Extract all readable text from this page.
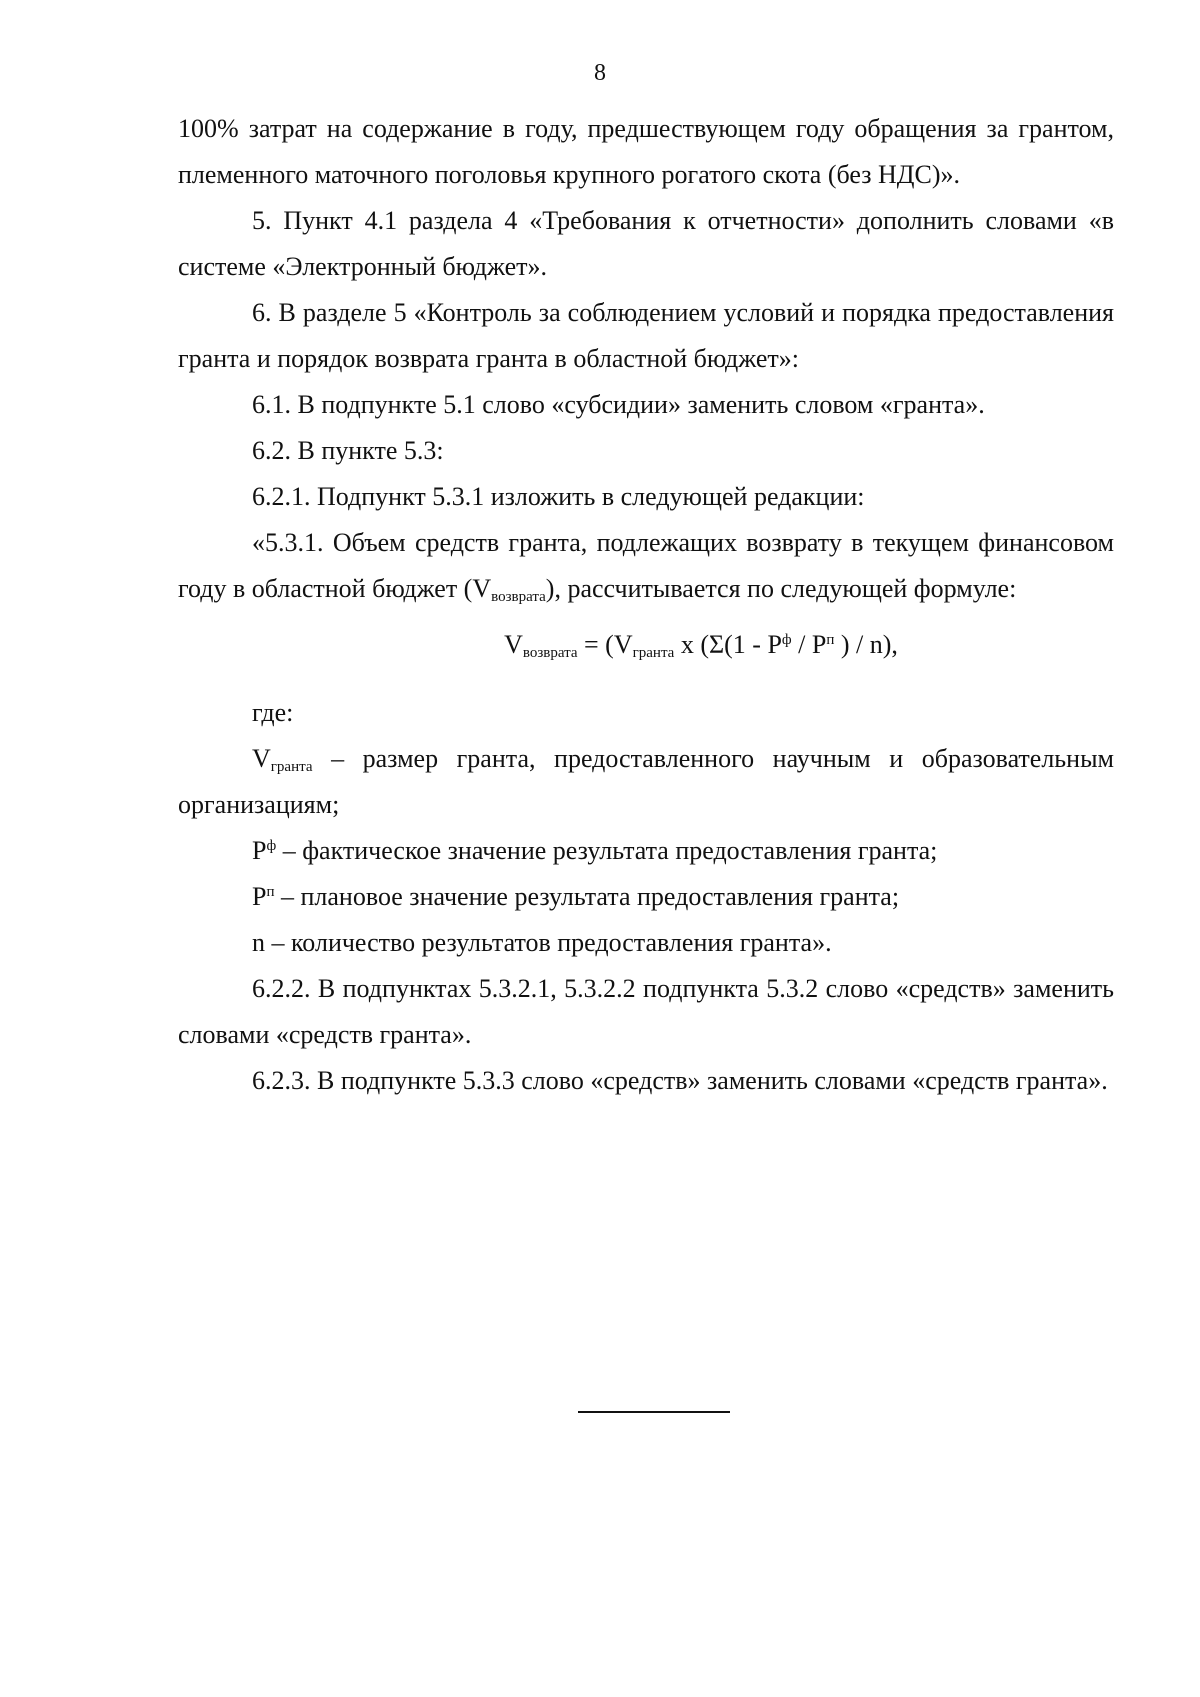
8

100% затрат на содержание в году, предшествующем году обращения за грантом, племенного маточного поголовья крупного рогатого скота (без НДС)».

5. Пункт 4.1 раздела 4 «Требования к отчетности» дополнить словами «в системе «Электронный бюджет».

6. В разделе 5 «Контроль за соблюдением условий и порядка предоставления гранта и порядок возврата гранта в областной бюджет»:

6.1. В подпункте 5.1 слово «субсидии» заменить словом «гранта».

6.2. В пункте 5.3:

6.2.1. Подпункт 5.3.1 изложить в следующей редакции:

«5.3.1. Объем средств гранта, подлежащих возврату в текущем финансовом году в областной бюджет $(V_{возврата})$, рассчитывается по следующей формуле:

$V_{возврата} = (V_{гранта}$ x ($\Sigma(1 - P^ф / P^п$ ) / n),

где:

$V_{гранта}$ – размер гранта, предоставленного научным и образовательным организациям;

$P^ф$ – фактическое значение результата предоставления гранта;

$P^п$ – плановое значение результата предоставления гранта;

n – количество результатов предоставления гранта».

6.2.2. В подпунктах 5.3.2.1, 5.3.2.2 подпункта 5.3.2 слово «средств» заменить словами «средств гранта».

6.2.3. В подпункте 5.3.3 слово «средств» заменить словами «средств гранта».
